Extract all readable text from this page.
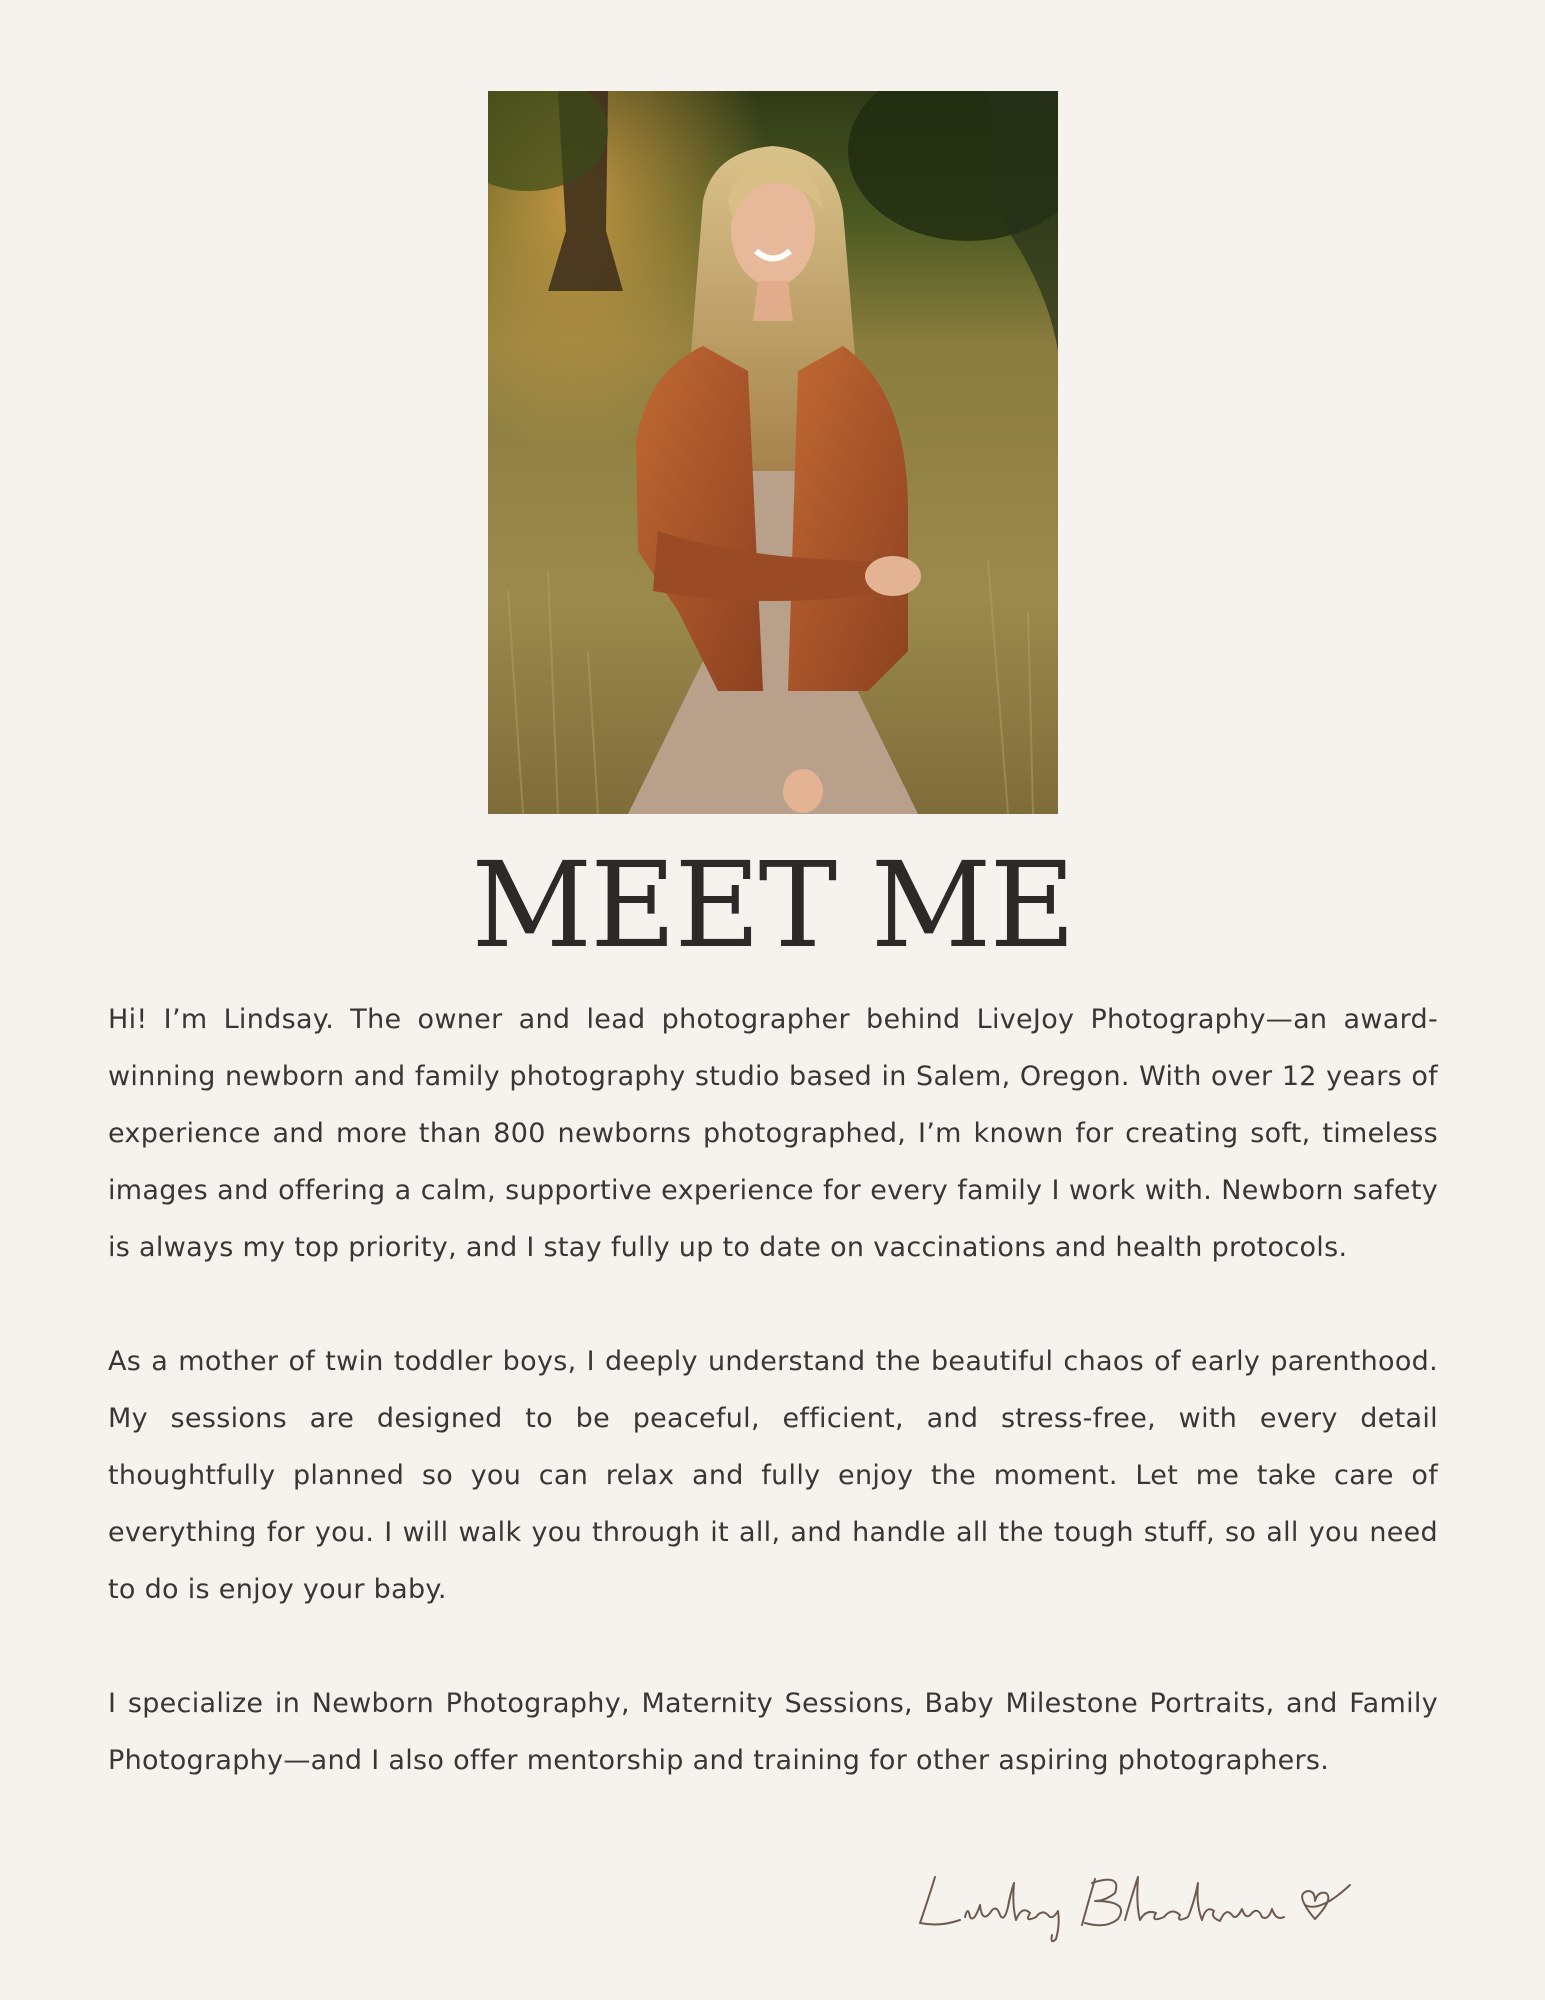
MEET ME

Hi! I’m Lindsay. The owner and lead photographer behind LiveJoy Photography—an award-winning newborn and family photography studio based in Salem, Oregon. With over 12 years of experience and more than 800 newborns photographed, I’m known for creating soft, timeless images and offering a calm, supportive experience for every family I work with. Newborn safety is always my top priority, and I stay fully up to date on vaccinations and health protocols.

As a mother of twin toddler boys, I deeply understand the beautiful chaos of early parenthood. My sessions are designed to be peaceful, efficient, and stress-free, with every detail thoughtfully planned so you can relax and fully enjoy the moment. Let me take care of everything for you. I will walk you through it all, and handle all the tough stuff, so all you need to do is enjoy your baby.

I specialize in Newborn Photography, Maternity Sessions, Baby Milestone Portraits, and Family Photography—and I also offer mentorship and training for other aspiring photographers.
